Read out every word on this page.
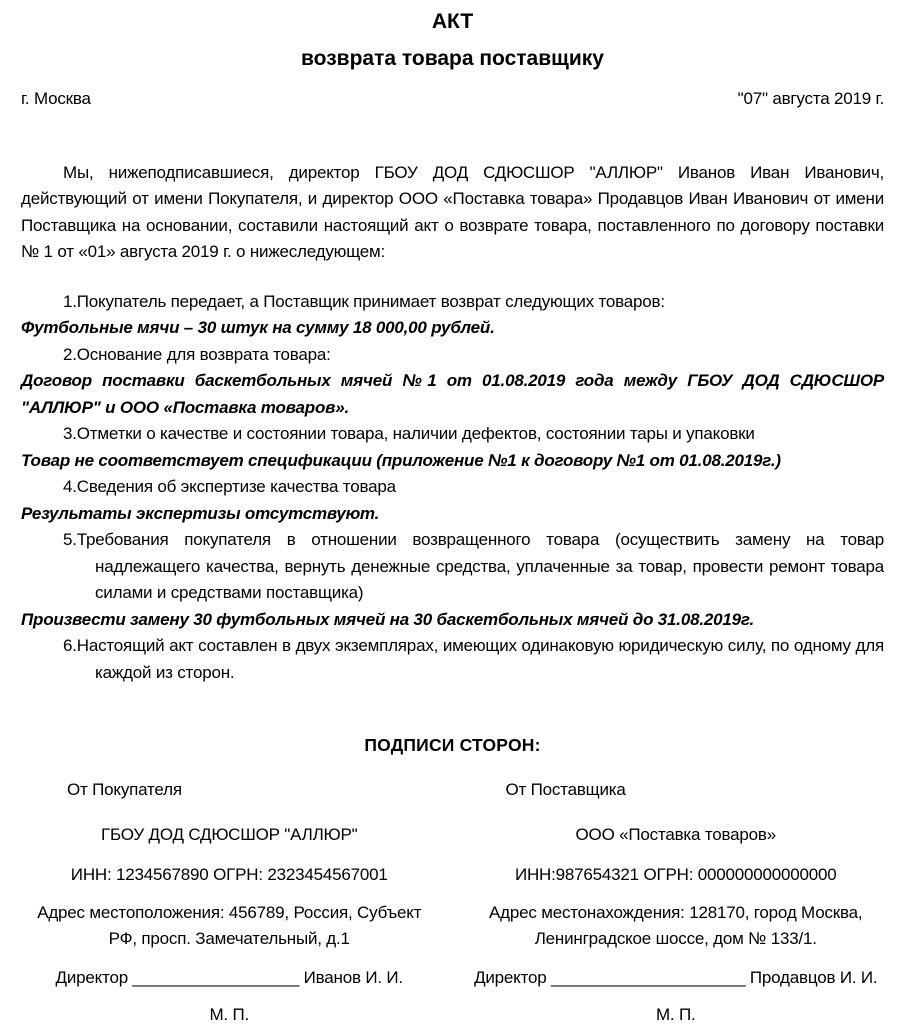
АКТ
возврата товара поставщику
г. Москва	"07" августа 2019 г.

Мы, нижеподписавшиеся, директор ГБОУ ДОД СДЮСШОР "АЛЛЮР" Иванов Иван Иванович, действующий от имени Покупателя, и директор ООО «Поставка товара» Продавцов Иван Иванович от имени Поставщика на основании, составили настоящий акт о возврате товара, поставленного по договору поставки № 1 от «01» августа 2019 г. о нижеследующем:

1.Покупатель передает, а Поставщик принимает возврат следующих товаров:

Футбольные мячи – 30 штук на сумму 18 000,00 рублей.

2.Основание для возврата товара:

Договор поставки баскетбольных мячей №1 от 01.08.2019 года между ГБОУ ДОД СДЮСШОР "АЛЛЮР" и ООО «Поставка товаров».

3.Отметки о качестве и состоянии товара, наличии дефектов, состоянии тары и упаковки

Товар не соответствует спецификации (приложение №1 к договору №1 от 01.08.2019г.)

4.Сведения об экспертизе качества товара

Результаты экспертизы отсутствуют.

5.Требования покупателя в отношении возвращенного товара (осуществить замену на товар надлежащего качества, вернуть денежные средства, уплаченные за товар, провести ремонт товара силами и средствами поставщика)

Произвести замену 30 футбольных мячей на 30 баскетбольных мячей до 31.08.2019г.

6.Настоящий акт составлен в двух экземплярах, имеющих одинаковую юридическую силу, по одному для каждой из сторон.

ПОДПИСИ СТОРОН:
От Покупателя
ГБОУ ДОД СДЮСШОР "АЛЛЮР"
ИНН: 1234567890 ОГРН: 2323454567001
Адрес местоположения: 456789, Россия, Субъект РФ, просп. Замечательный, д.1
Директор __________________ Иванов И. И.
М. П.
От Поставщика
ООО «Поставка товаров»
ИНН:987654321 ОГРН: 000000000000000
Адрес местонахождения: 128170, город Москва, Ленинградское шоссе, дом № 133/1.
Директор _____________________ Продавцов И. И.
М. П.
